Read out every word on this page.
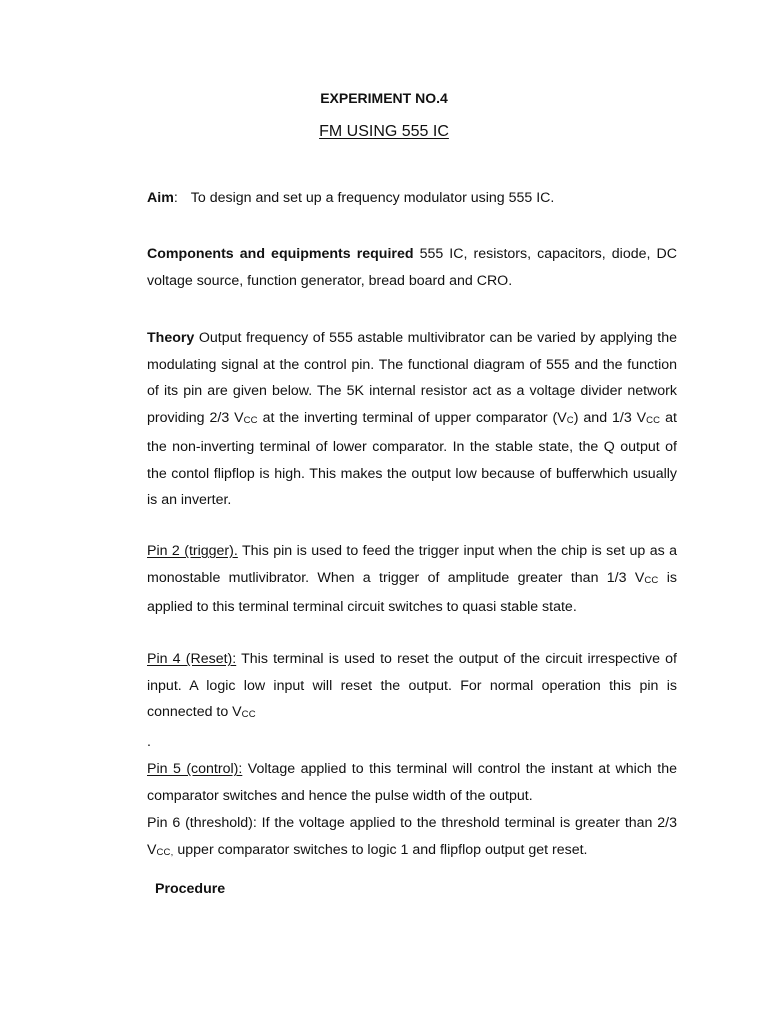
EXPERIMENT NO.4
FM USING 555 IC

Aim: To design and set up a frequency modulator using 555 IC.

Components and equipments required 555 IC, resistors, capacitors, diode, DC voltage source, function generator, bread board and CRO.

Theory Output frequency of 555 astable multivibrator can be varied by applying the modulating signal at the control pin. The functional diagram of 555 and the function of its pin are given below. The 5K internal resistor act as a voltage divider network providing 2/3 VCC at the inverting terminal of upper comparator (VC) and 1/3 VCC at the non-inverting terminal of lower comparator. In the stable state, the Q output of the contol flipflop is high. This makes the output low because of bufferwhich usually is an inverter.

Pin 2 (trigger). This pin is used to feed the trigger input when the chip is set up as a monostable mutlivibrator. When a trigger of amplitude greater than 1/3 VCC is applied to this terminal terminal circuit switches to quasi stable state.

Pin 4 (Reset): This terminal is used to reset the output of the circuit irrespective of input. A logic low input will reset the output. For normal operation this pin is connected to VCC

.

Pin 5 (control): Voltage applied to this terminal will control the instant at which the comparator switches and hence the pulse width of the output.

Pin 6 (threshold): If the voltage applied to the threshold terminal is greater than 2/3 VCC, upper comparator switches to logic 1 and flipflop output get reset.

Procedure
